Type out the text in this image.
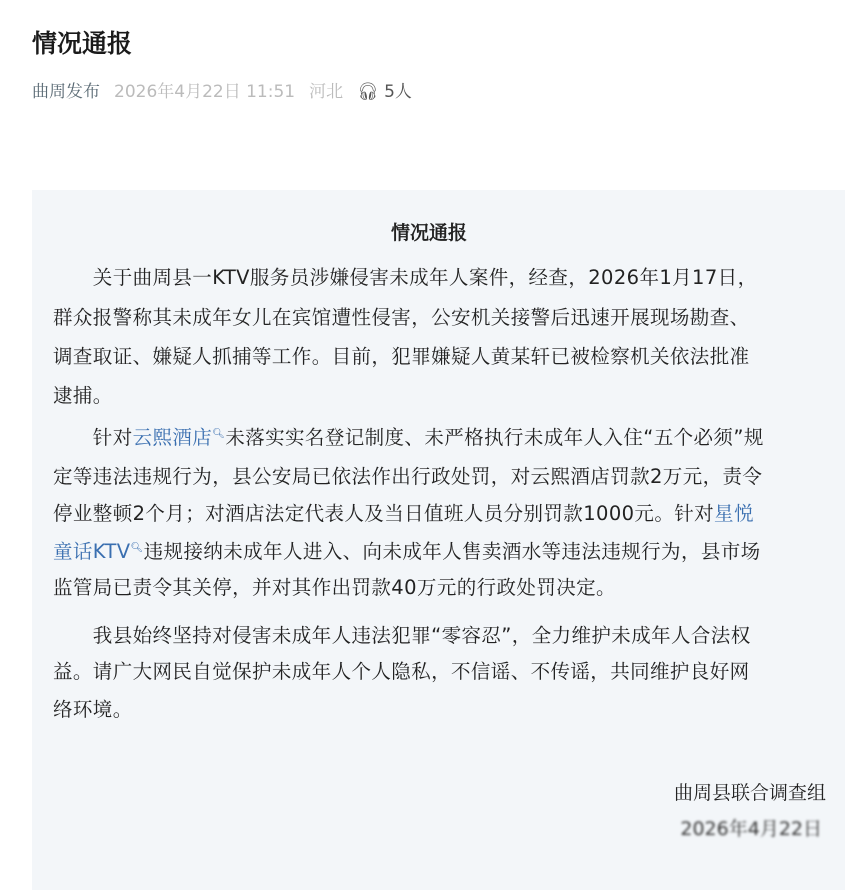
情况通报
曲周发布 2026年4月22日 11:51 河北 🎧︎ 5人
情况通报
　　关于曲周县一KTV服务员涉嫌侵害未成年人案件，经查，2026年1月17日，
群众报警称其未成年女儿在宾馆遭性侵害，公安机关接警后迅速开展现场勘查、
调查取证、嫌疑人抓捕等工作。目前，犯罪嫌疑人黄某轩已被检察机关依法批准
逮捕。
　　针对云熙酒店🔍︎未落实实名登记制度、未严格执行未成年人入住“五个必须”规
定等违法违规行为，县公安局已依法作出行政处罚，对云熙酒店罚款2万元，责令
停业整顿2个月；对酒店法定代表人及当日值班人员分别罚款1000元。针对星悦
童话KTV🔍︎违规接纳未成年人进入、向未成年人售卖酒水等违法违规行为，县市场
监管局已责令其关停，并对其作出罚款40万元的行政处罚决定。
　　我县始终坚持对侵害未成年人违法犯罪“零容忍”，全力维护未成年人合法权
益。请广大网民自觉保护未成年人个人隐私，不信谣、不传谣，共同维护良好网
络环境。
曲周县联合调查组
2026年4月22日
